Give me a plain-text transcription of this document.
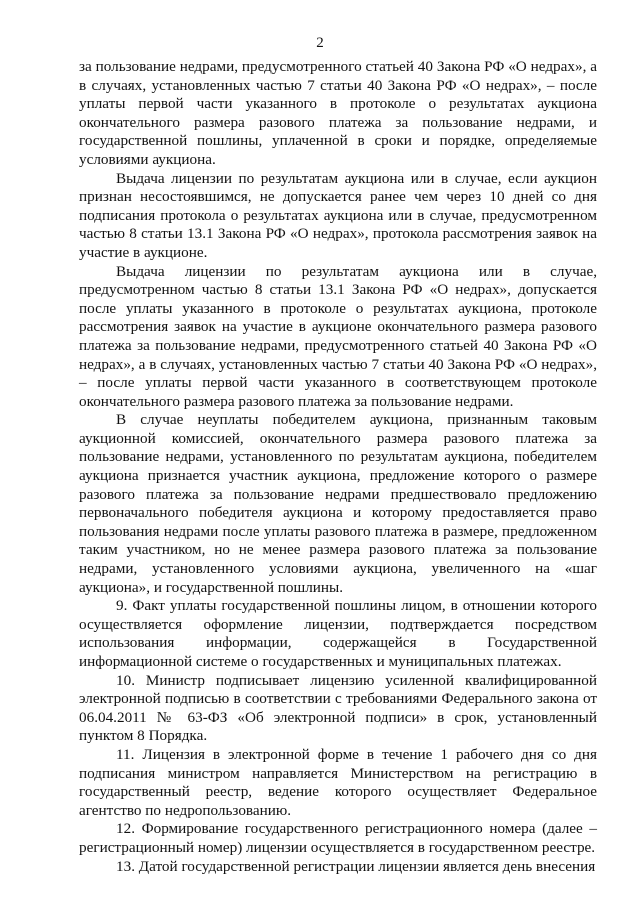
2

за пользование недрами, предусмотренного статьей 40 Закона РФ «О недрах», а в случаях, установленных частью 7 статьи 40 Закона РФ «О недрах», – после уплаты первой части указанного в протоколе о результатах аукциона окончательного размера разового платежа за пользование недрами, и государственной пошлины, уплаченной в сроки и порядке, определяемые условиями аукциона.

Выдача лицензии по результатам аукциона или в случае, если аукцион признан несостоявшимся, не допускается ранее чем через 10 дней со дня подписания протокола о результатах аукциона или в случае, предусмотренном частью 8 статьи 13.1 Закона РФ «О недрах», протокола рассмотрения заявок на участие в аукционе.

Выдача лицензии по результатам аукциона или в случае, предусмотренном частью 8 статьи 13.1 Закона РФ «О недрах», допускается после уплаты указанного в протоколе о результатах аукциона, протоколе рассмотрения заявок на участие в аукционе окончательного размера разового платежа за пользование недрами, предусмотренного статьей 40 Закона РФ «О недрах», а в случаях, установленных частью 7 статьи 40 Закона РФ «О недрах», – после уплаты первой части указанного в соответствующем протоколе окончательного размера разового платежа за пользование недрами.

В случае неуплаты победителем аукциона, признанным таковым аукционной комиссией, окончательного размера разового платежа за пользование недрами, установленного по результатам аукциона, победителем аукциона признается участник аукциона, предложение которого о размере разового платежа за пользование недрами предшествовало предложению первоначального победителя аукциона и которому предоставляется право пользования недрами после уплаты разового платежа в размере, предложенном таким участником, но не менее размера разового платежа за пользование недрами, установленного условиями аукциона, увеличенного на «шаг аукциона», и государственной пошлины.

9. Факт уплаты государственной пошлины лицом, в отношении которого осуществляется оформление лицензии, подтверждается посредством использования информации, содержащейся в Государственной информационной системе о государственных и муниципальных платежах.

10. Министр подписывает лицензию усиленной квалифицированной электронной подписью в соответствии с требованиями Федерального закона от 06.04.2011 № 63-ФЗ «Об электронной подписи» в срок, установленный пунктом 8 Порядка.

11. Лицензия в электронной форме в течение 1 рабочего дня со дня подписания министром направляется Министерством на регистрацию в государственный реестр, ведение которого осуществляет Федеральное агентство по недропользованию.

12. Формирование государственного регистрационного номера (далее – регистрационный номер) лицензии осуществляется в государственном реестре.

13. Датой государственной регистрации лицензии является день внесения
